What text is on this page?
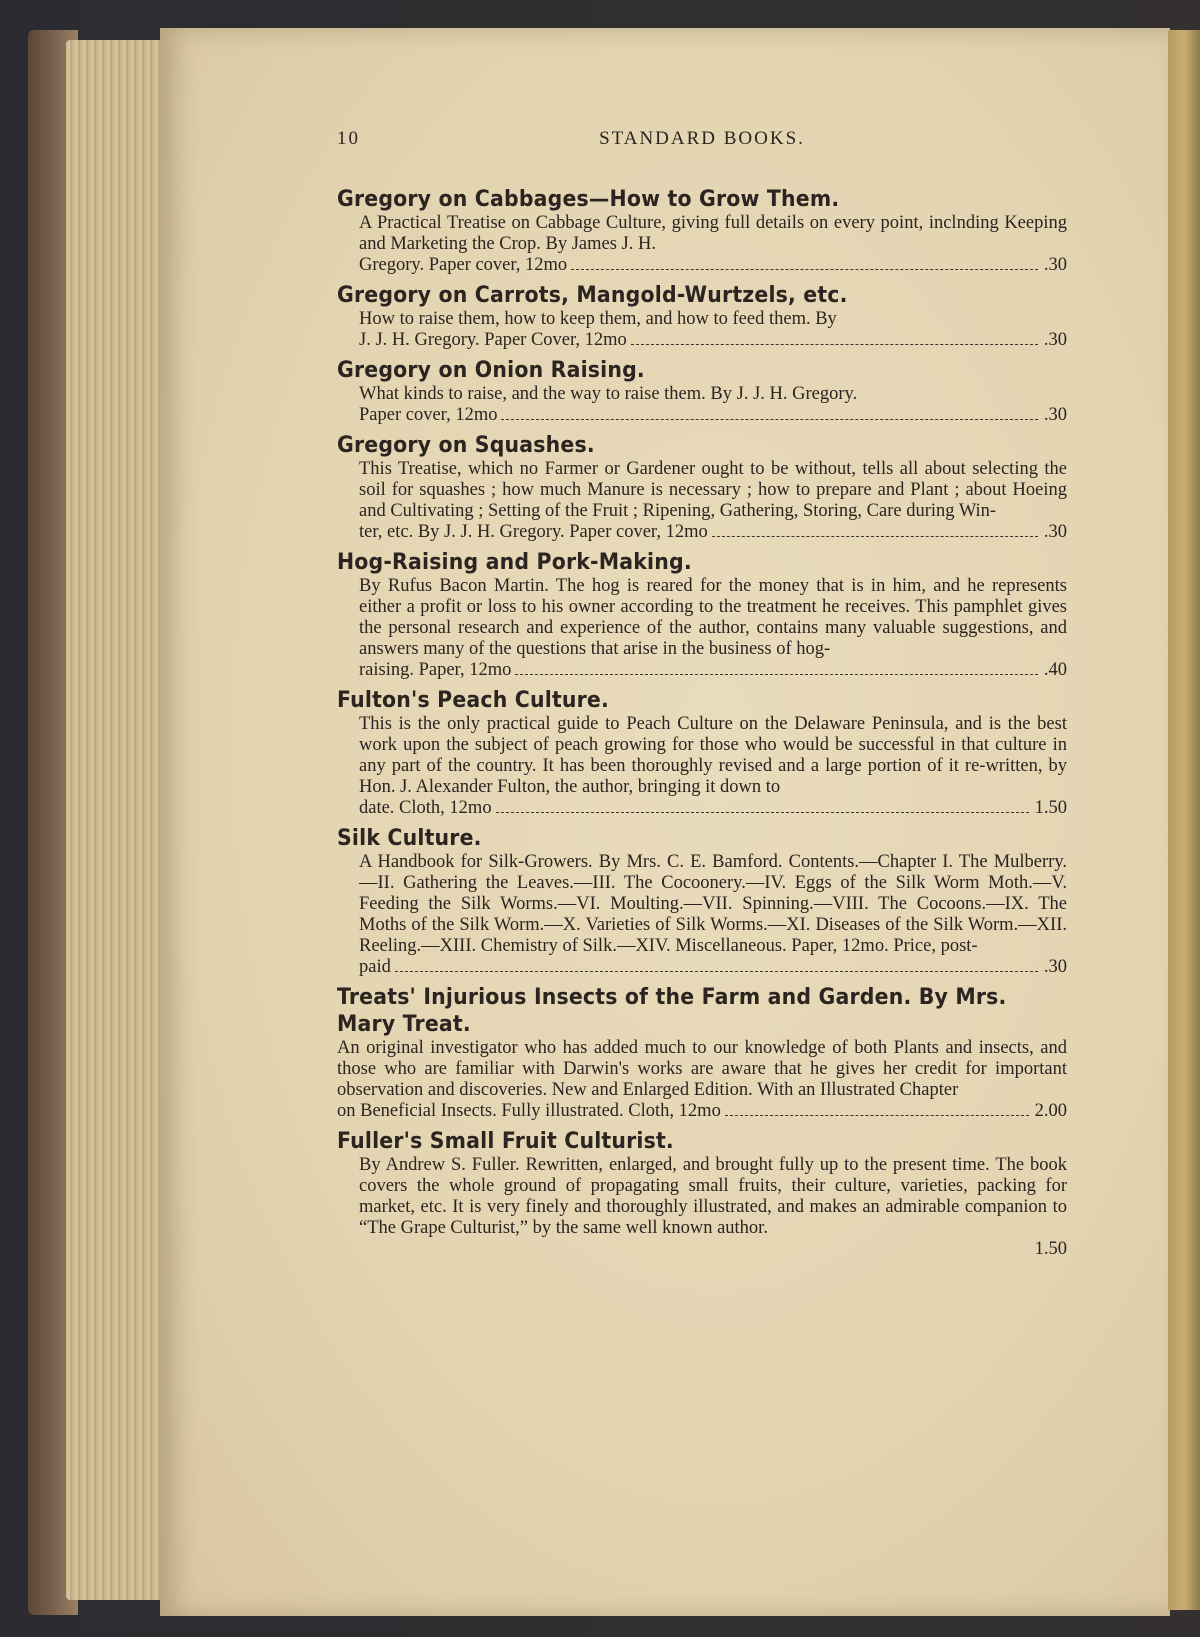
10	STANDARD BOOKS.
Gregory on Cabbages—How to Grow Them.
A Practical Treatise on Cabbage Culture, giving full details on every point, inclnding Keeping and Marketing the Crop. By James J. H.
Gregory. Paper cover, 12mo	.30
Gregory on Carrots, Mangold-Wurtzels, etc.
How to raise them, how to keep them, and how to feed them. By
J. J. H. Gregory. Paper Cover, 12mo	.30
Gregory on Onion Raising.
What kinds to raise, and the way to raise them. By J. J. H. Gregory.
Paper cover, 12mo	.30
Gregory on Squashes.
This Treatise, which no Farmer or Gardener ought to be without, tells all about selecting the soil for squashes ; how much Manure is necessary ; how to prepare and Plant ; about Hoeing and Cultivating ; Setting of the Fruit ; Ripening, Gathering, Storing, Care during Win-
ter, etc. By J. J. H. Gregory. Paper cover, 12mo	.30
Hog-Raising and Pork-Making.
By Rufus Bacon Martin. The hog is reared for the money that is in him, and he represents either a profit or loss to his owner according to the treatment he receives. This pamphlet gives the personal research and experience of the author, contains many valuable suggestions, and answers many of the questions that arise in the business of hog-
raising. Paper, 12mo	.40
Fulton's Peach Culture.
This is the only practical guide to Peach Culture on the Delaware Peninsula, and is the best work upon the subject of peach growing for those who would be successful in that culture in any part of the country. It has been thoroughly revised and a large portion of it re-written, by Hon. J. Alexander Fulton, the author, bringing it down to
date. Cloth, 12mo	1.50
Silk Culture.
A Handbook for Silk-Growers. By Mrs. C. E. Bamford. Contents.—Chapter I. The Mulberry.—II. Gathering the Leaves.—III. The Cocoonery.—IV. Eggs of the Silk Worm Moth.—V. Feeding the Silk Worms.—VI. Moulting.—VII. Spinning.—VIII. The Cocoons.—IX. The Moths of the Silk Worm.—X. Varieties of Silk Worms.—XI. Diseases of the Silk Worm.—XII. Reeling.—XIII. Chemistry of Silk.—XIV. Miscellaneous. Paper, 12mo. Price, post-
paid	.30
Treats' Injurious Insects of the Farm and Garden. By Mrs. Mary Treat.
An original investigator who has added much to our knowledge of both Plants and insects, and those who are familiar with Darwin's works are aware that he gives her credit for important observation and discoveries. New and Enlarged Edition. With an Illustrated Chapter
on Beneficial Insects. Fully illustrated. Cloth, 12mo	2.00
Fuller's Small Fruit Culturist.
By Andrew S. Fuller. Rewritten, enlarged, and brought fully up to the present time. The book covers the whole ground of propagating small fruits, their culture, varieties, packing for market, etc. It is very finely and thoroughly illustrated, and makes an admirable companion to “The Grape Culturist,” by the same well known author.
1.50
